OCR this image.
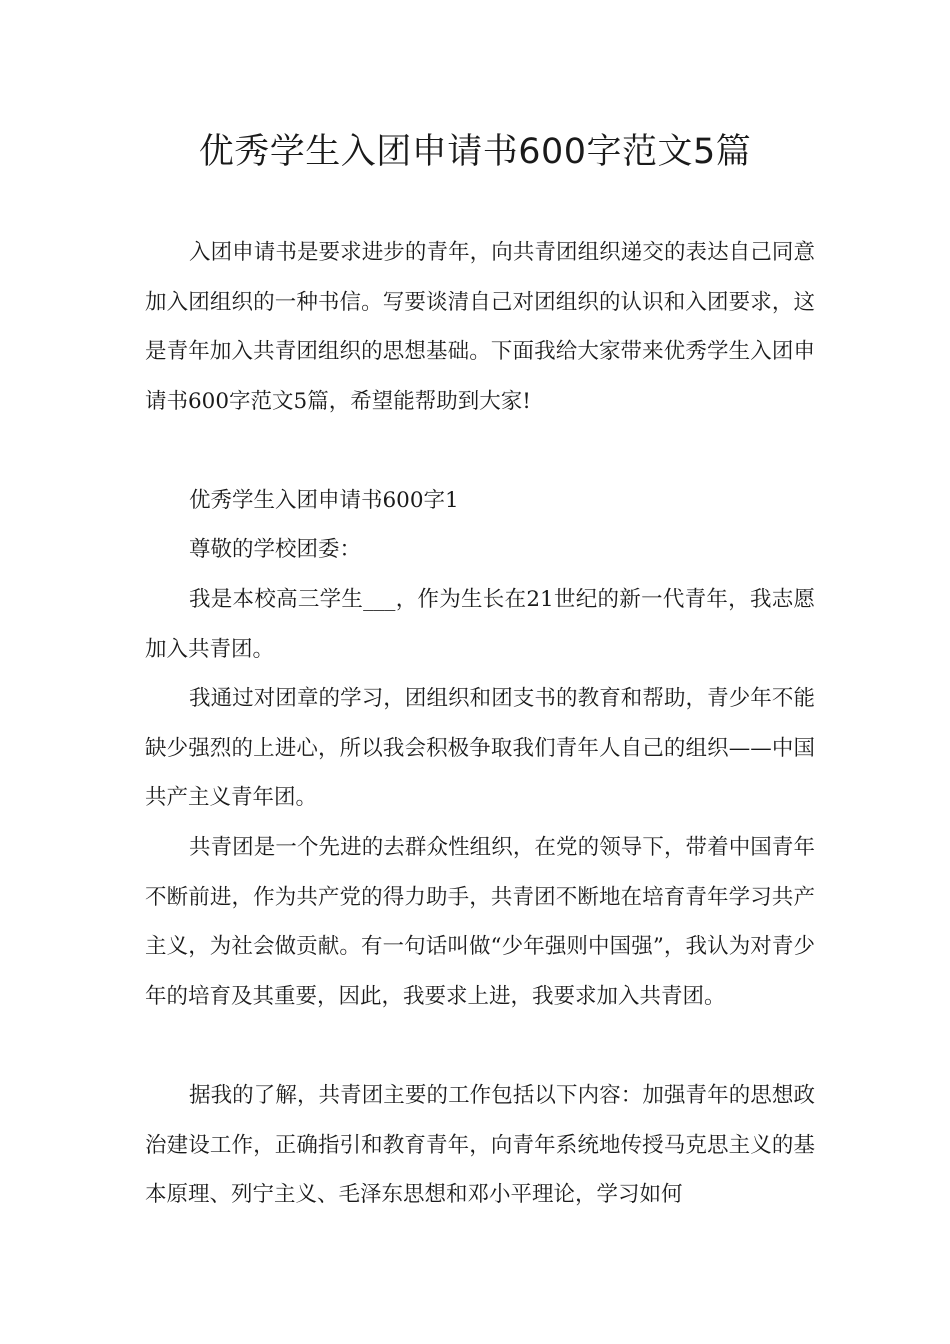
优秀学生入团申请书600字范文5篇

入团申请书是要求进步的青年，向共青团组织递交的表达自己同意加入团组织的一种书信。写要谈清自己对团组织的认识和入团要求，这是青年加入共青团组织的思想基础。下面我给大家带来优秀学生入团申请书600字范文5篇，希望能帮助到大家!

优秀学生入团申请书600字1

尊敬的学校团委：

我是本校高三学生___，作为生长在21世纪的新一代青年，我志愿加入共青团。

我通过对团章的学习，团组织和团支书的教育和帮助，青少年不能缺少强烈的上进心，所以我会积极争取我们青年人自己的组织——中国共产主义青年团。

共青团是一个先进的去群众性组织，在党的领导下，带着中国青年不断前进，作为共产党的得力助手，共青团不断地在培育青年学习共产主义，为社会做贡献。有一句话叫做“少年强则中国强”，我认为对青少年的培育及其重要，因此，我要求上进，我要求加入共青团。

据我的了解，共青团主要的工作包括以下内容：加强青年的思想政治建设工作，正确指引和教育青年，向青年系统地传授马克思主义的基本原理、列宁主义、毛泽东思想和邓小平理论，学习如何
